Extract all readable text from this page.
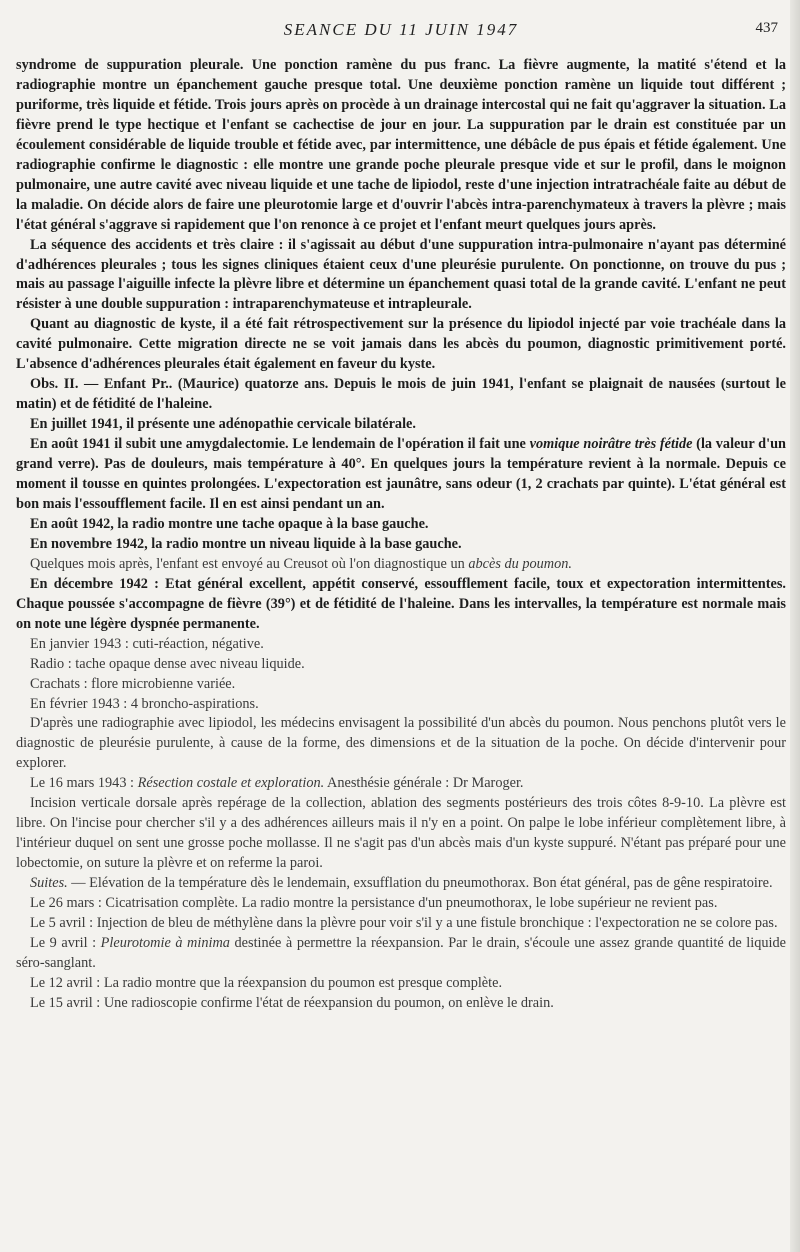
SEANCE DU 11 JUIN 1947	437

syndrome de suppuration pleurale. Une ponction ramène du pus franc. La fièvre augmente, la matité s'étend et la radiographie montre un épanchement gauche presque total. Une deuxième ponction ramène un liquide tout différent ; puriforme, très liquide et fétide. Trois jours après on procède à un drainage intercostal qui ne fait qu'aggraver la situation. La fièvre prend le type hectique et l'enfant se cachectise de jour en jour. La suppuration par le drain est constituée par un écoulement considérable de liquide trouble et fétide avec, par intermittence, une débâcle de pus épais et fétide également. Une radiographie confirme le diagnostic : elle montre une grande poche pleurale presque vide et sur le profil, dans le moignon pulmonaire, une autre cavité avec niveau liquide et une tache de lipiodol, reste d'une injection intratrachéale faite au début de la maladie. On décide alors de faire une pleurotomie large et d'ouvrir l'abcès intra-parenchymateux à travers la plèvre ; mais l'état général s'aggrave si rapidement que l'on renonce à ce projet et l'enfant meurt quelques jours après.

La séquence des accidents et très claire : il s'agissait au début d'une suppuration intra-pulmonaire n'ayant pas déterminé d'adhérences pleurales ; tous les signes cliniques étaient ceux d'une pleurésie purulente. On ponctionne, on trouve du pus ; mais au passage l'aiguille infecte la plèvre libre et détermine un épanchement quasi total de la grande cavité. L'enfant ne peut résister à une double suppuration : intraparenchymateuse et intrapleurale.

Quant au diagnostic de kyste, il a été fait rétrospectivement sur la présence du lipiodol injecté par voie trachéale dans la cavité pulmonaire. Cette migration directe ne se voit jamais dans les abcès du poumon, diagnostic primitivement porté. L'absence d'adhérences pleurales était également en faveur du kyste.

Obs. II. — Enfant Pr.. (Maurice) quatorze ans. Depuis le mois de juin 1941, l'enfant se plaignait de nausées (surtout le matin) et de fétidité de l'haleine.

En juillet 1941, il présente une adénopathie cervicale bilatérale.

En août 1941 il subit une amygdalectomie. Le lendemain de l'opération il fait une vomique noirâtre très fétide (la valeur d'un grand verre). Pas de douleurs, mais température à 40°. En quelques jours la température revient à la normale. Depuis ce moment il tousse en quintes prolongées. L'expectoration est jaunâtre, sans odeur (1, 2 crachats par quinte). L'état général est bon mais l'essoufflement facile. Il en est ainsi pendant un an.

En août 1942, la radio montre une tache opaque à la base gauche.

En novembre 1942, la radio montre un niveau liquide à la base gauche.

Quelques mois après, l'enfant est envoyé au Creusot où l'on diagnostique un abcès du poumon.

En décembre 1942 : Etat général excellent, appétit conservé, essoufflement facile, toux et expectoration intermittentes. Chaque poussée s'accompagne de fièvre (39°) et de fétidité de l'haleine. Dans les intervalles, la température est normale mais on note une légère dyspnée permanente.

En janvier 1943 : cuti-réaction, négative.

Radio : tache opaque dense avec niveau liquide.

Crachats : flore microbienne variée.

En février 1943 : 4 broncho-aspirations.

D'après une radiographie avec lipiodol, les médecins envisagent la possibilité d'un abcès du poumon. Nous penchons plutôt vers le diagnostic de pleurésie purulente, à cause de la forme, des dimensions et de la situation de la poche. On décide d'intervenir pour explorer.

Le 16 mars 1943 : Résection costale et exploration. Anesthésie générale : Dr Maroger.

Incision verticale dorsale après repérage de la collection, ablation des segments postérieurs des trois côtes 8-9-10. La plèvre est libre. On l'incise pour chercher s'il y a des adhérences ailleurs mais il n'y en a point. On palpe le lobe inférieur complètement libre, à l'intérieur duquel on sent une grosse poche mollasse. Il ne s'agit pas d'un abcès mais d'un kyste suppuré. N'étant pas préparé pour une lobectomie, on suture la plèvre et on referme la paroi.

Suites. — Elévation de la température dès le lendemain, exsufflation du pneumothorax. Bon état général, pas de gêne respiratoire.

Le 26 mars : Cicatrisation complète. La radio montre la persistance d'un pneumothorax, le lobe supérieur ne revient pas.

Le 5 avril : Injection de bleu de méthylène dans la plèvre pour voir s'il y a une fistule bronchique : l'expectoration ne se colore pas.

Le 9 avril : Pleurotomie à minima destinée à permettre la réexpansion. Par le drain, s'écoule une assez grande quantité de liquide séro-sanglant.

Le 12 avril : La radio montre que la réexpansion du poumon est presque complète.

Le 15 avril : Une radioscopie confirme l'état de réexpansion du poumon, on enlève le drain.
